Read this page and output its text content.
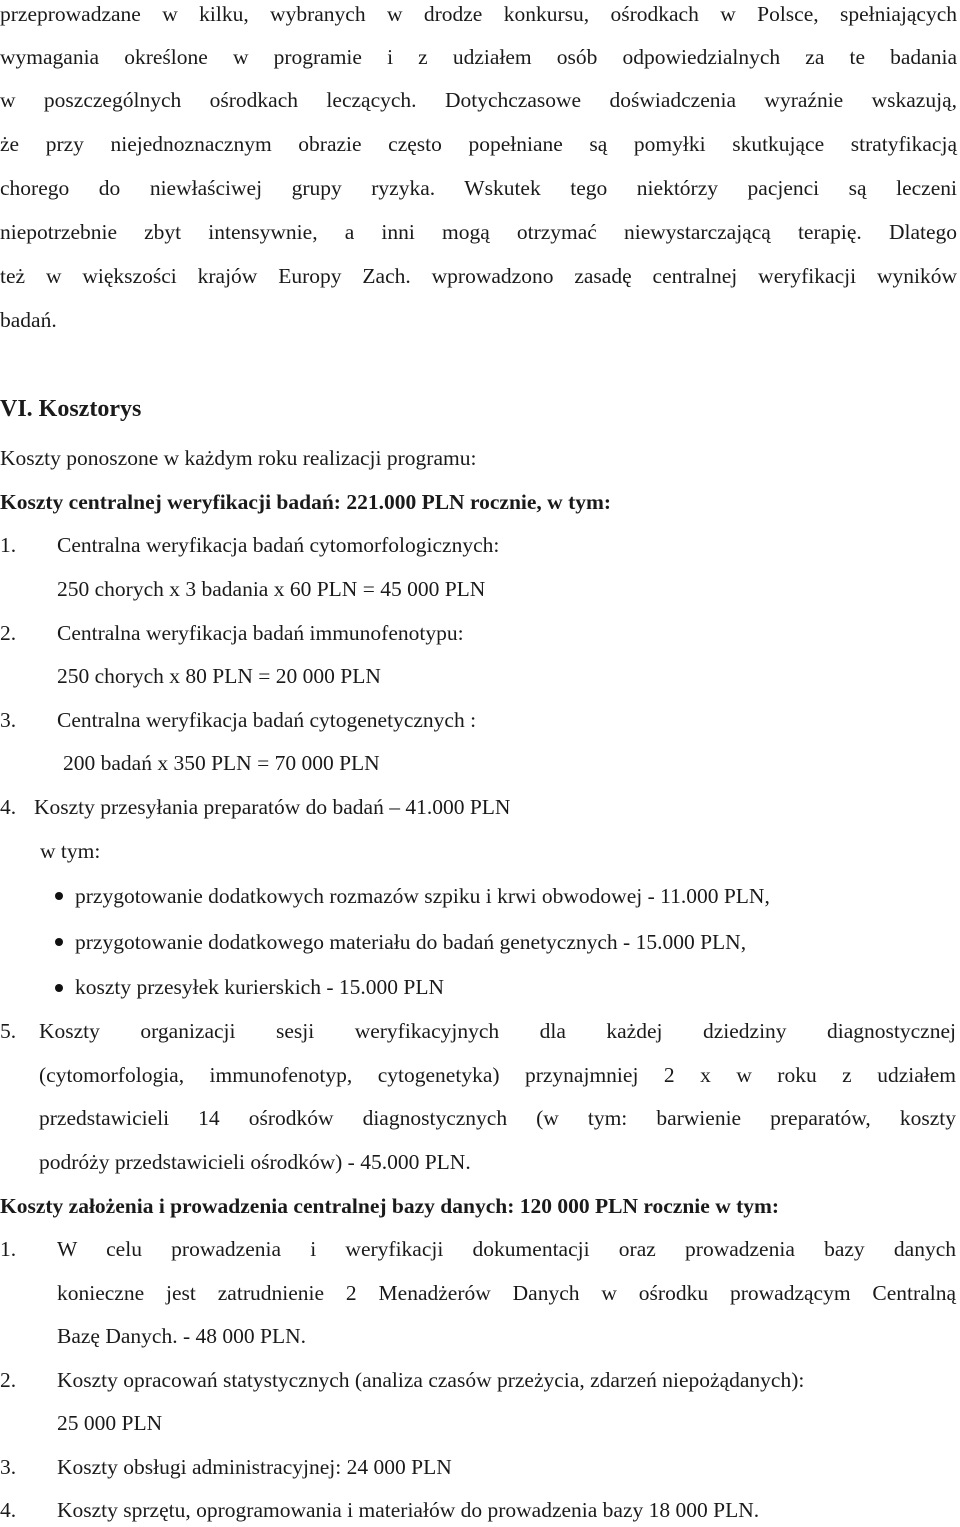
przeprowadzane w kilku, wybranych w drodze konkursu, ośrodkach w Polsce, spełniających
wymagania określone w programie i z udziałem osób odpowiedzialnych za te badania
w poszczególnych ośrodkach leczących. Dotychczasowe doświadczenia wyraźnie wskazują,
że przy niejednoznacznym obrazie często popełniane są pomyłki skutkujące stratyfikacją
chorego do niewłaściwej grupy ryzyka. Wskutek tego niektórzy pacjenci są leczeni
niepotrzebnie zbyt intensywnie, a inni mogą otrzymać niewystarczającą terapię. Dlatego
też w większości krajów Europy Zach. wprowadzono zasadę centralnej weryfikacji wyników
badań.
VI. Kosztorys
Koszty ponoszone w każdym roku realizacji programu:
Koszty centralnej weryfikacji badań: 221.000 PLN rocznie, w tym:
1. Centralna weryfikacja badań cytomorfologicznych:
250 chorych x 3 badania x 60 PLN = 45 000 PLN
2. Centralna weryfikacja badań immunofenotypu:
250 chorych x 80 PLN = 20 000 PLN
3. Centralna weryfikacja badań cytogenetycznych :
200 badań x 350 PLN = 70 000 PLN
4. Koszty przesyłania preparatów do badań – 41.000 PLN
w tym:
przygotowanie dodatkowych rozmazów szpiku i krwi obwodowej - 11.000 PLN,
przygotowanie dodatkowego materiału do badań genetycznych - 15.000 PLN,
koszty przesyłek kurierskich - 15.000 PLN
5. Koszty organizacji sesji weryfikacyjnych dla każdej dziedziny diagnostycznej
(cytomorfologia, immunofenotyp, cytogenetyka) przynajmniej 2 x w roku z udziałem
przedstawicieli 14 ośrodków diagnostycznych (w tym: barwienie preparatów, koszty
podróży przedstawicieli ośrodków) - 45.000 PLN.
Koszty założenia i prowadzenia centralnej bazy danych: 120 000 PLN rocznie w tym:
1. W celu prowadzenia i weryfikacji dokumentacji oraz prowadzenia bazy danych
konieczne jest zatrudnienie 2 Menadżerów Danych w ośrodku prowadzącym Centralną
Bazę Danych. - 48 000 PLN.
2. Koszty opracowań statystycznych (analiza czasów przeżycia, zdarzeń niepożądanych):
25 000 PLN
3. Koszty obsługi administracyjnej: 24 000 PLN
4. Koszty sprzętu, oprogramowania i materiałów do prowadzenia bazy 18 000 PLN.
